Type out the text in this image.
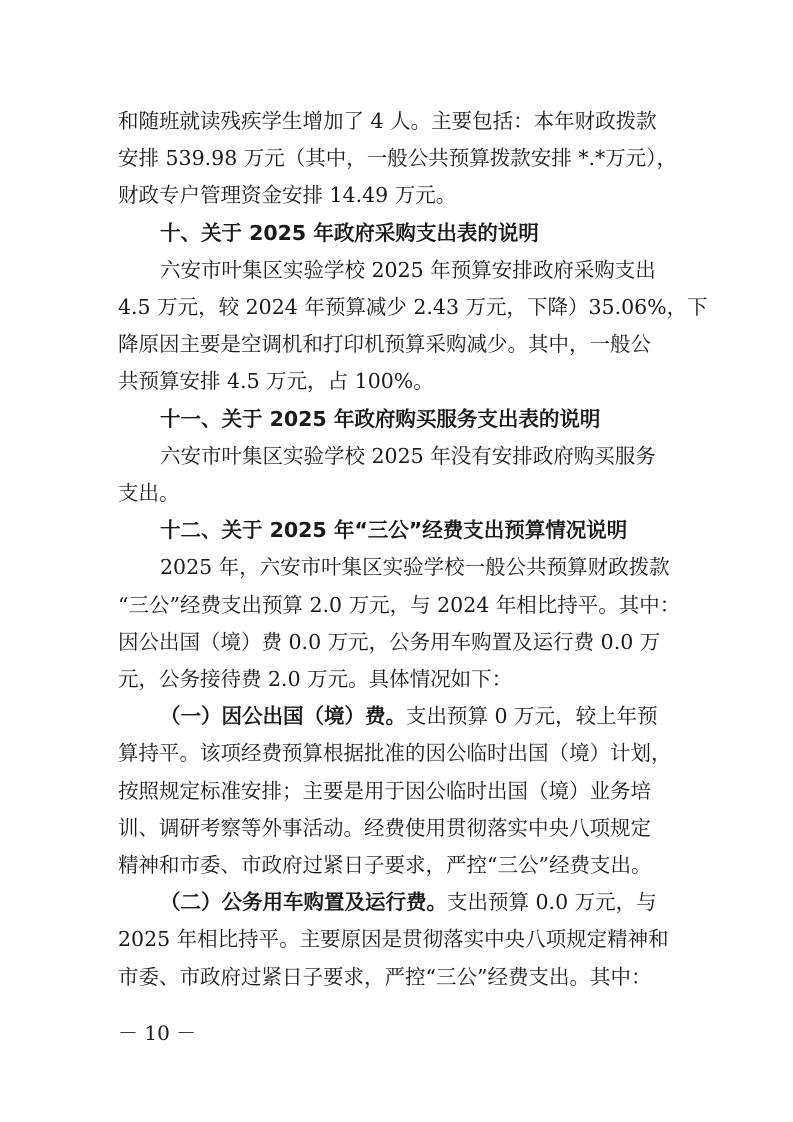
和随班就读残疾学生增加了 4 人。主要包括：本年财政拨款
安排 539.98 万元（其中，一般公共预算拨款安排 *.*万元），
财政专户管理资金安排 14.49 万元。
十、关于 2025 年政府采购支出表的说明
六安市叶集区实验学校 2025 年预算安排政府采购支出
4.5 万元，较 2024 年预算减少 2.43 万元，下降）35.06%，下
降原因主要是空调机和打印机预算采购减少。其中，一般公
共预算安排 4.5 万元，占 100%。
十一、关于 2025 年政府购买服务支出表的说明
六安市叶集区实验学校 2025 年没有安排政府购买服务
支出。
十二、关于 2025 年“三公”经费支出预算情况说明
2025 年，六安市叶集区实验学校一般公共预算财政拨款
“三公”经费支出预算 2.0 万元，与 2024 年相比持平。其中：
因公出国（境）费 0.0 万元，公务用车购置及运行费 0.0 万
元，公务接待费 2.0 万元。具体情况如下：
（一）因公出国（境）费。支出预算 0 万元，较上年预
算持平。该项经费预算根据批准的因公临时出国（境）计划，
按照规定标准安排；主要是用于因公临时出国（境）业务培
训、调研考察等外事活动。经费使用贯彻落实中央八项规定
精神和市委、市政府过紧日子要求，严控“三公”经费支出。
（二）公务用车购置及运行费。支出预算 0.0 万元，与
2025 年相比持平。主要原因是贯彻落实中央八项规定精神和
市委、市政府过紧日子要求，严控“三公”经费支出。其中：
－ 10 －
